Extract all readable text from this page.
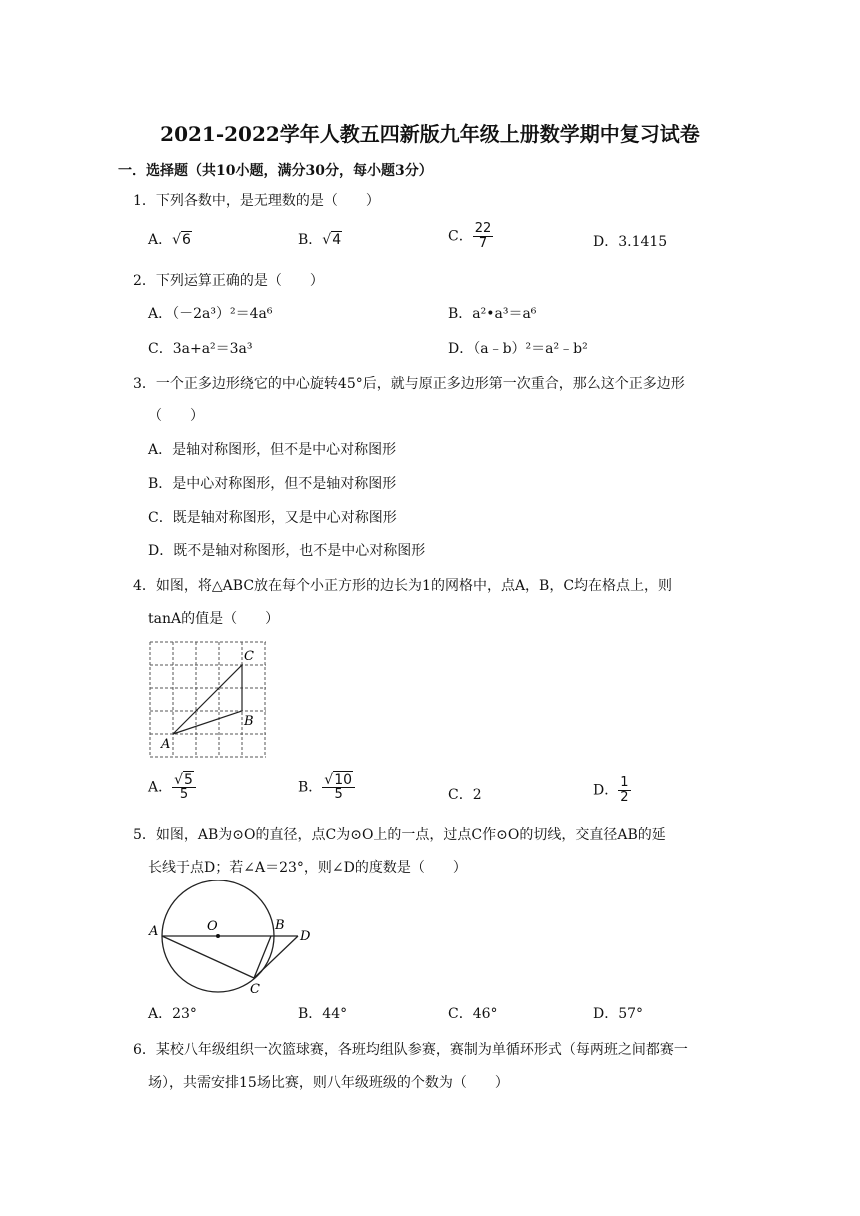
2021-2022学年人教五四新版九年级上册数学期中复习试卷
一．选择题（共10小题，满分30分，每小题3分）
1．下列各数中，是无理数的是（　　）
A．√6	B．√4	C． $\frac{22}{7}$	D．3.1415
2．下列运算正确的是（　　）
A．（－2a³）²＝4a⁶	B．a²•a³＝a⁶
C．3a+a²＝3a³	D．（a﹣b）²＝a²﹣b²
3．一个正多边形绕它的中心旋转45°后，就与原正多边形第一次重合，那么这个正多边形
（　　）
A．是轴对称图形，但不是中心对称图形
B．是中心对称图形，但不是轴对称图形
C．既是轴对称图形，又是中心对称图形
D．既不是轴对称图形，也不是中心对称图形
4．如图，将△ABC放在每个小正方形的边长为1的网格中，点A，B，C均在格点上，则
tanA的值是（　　）
A
B
C
A． $\frac{√5}{5}$	B． $\frac{√10}{5}$	C．2	D． $\frac{1}{2}$
5．如图，AB为⊙O的直径，点C为⊙O上的一点，过点C作⊙O的切线，交直径AB的延
长线于点D；若∠A＝23°，则∠D的度数是（　　）
A	O	B
D
C
A．23°	B．44°	C．46°	D．57°
6．某校八年级组织一次篮球赛，各班均组队参赛，赛制为单循环形式（每两班之间都赛一
场），共需安排15场比赛，则八年级班级的个数为（　　）
